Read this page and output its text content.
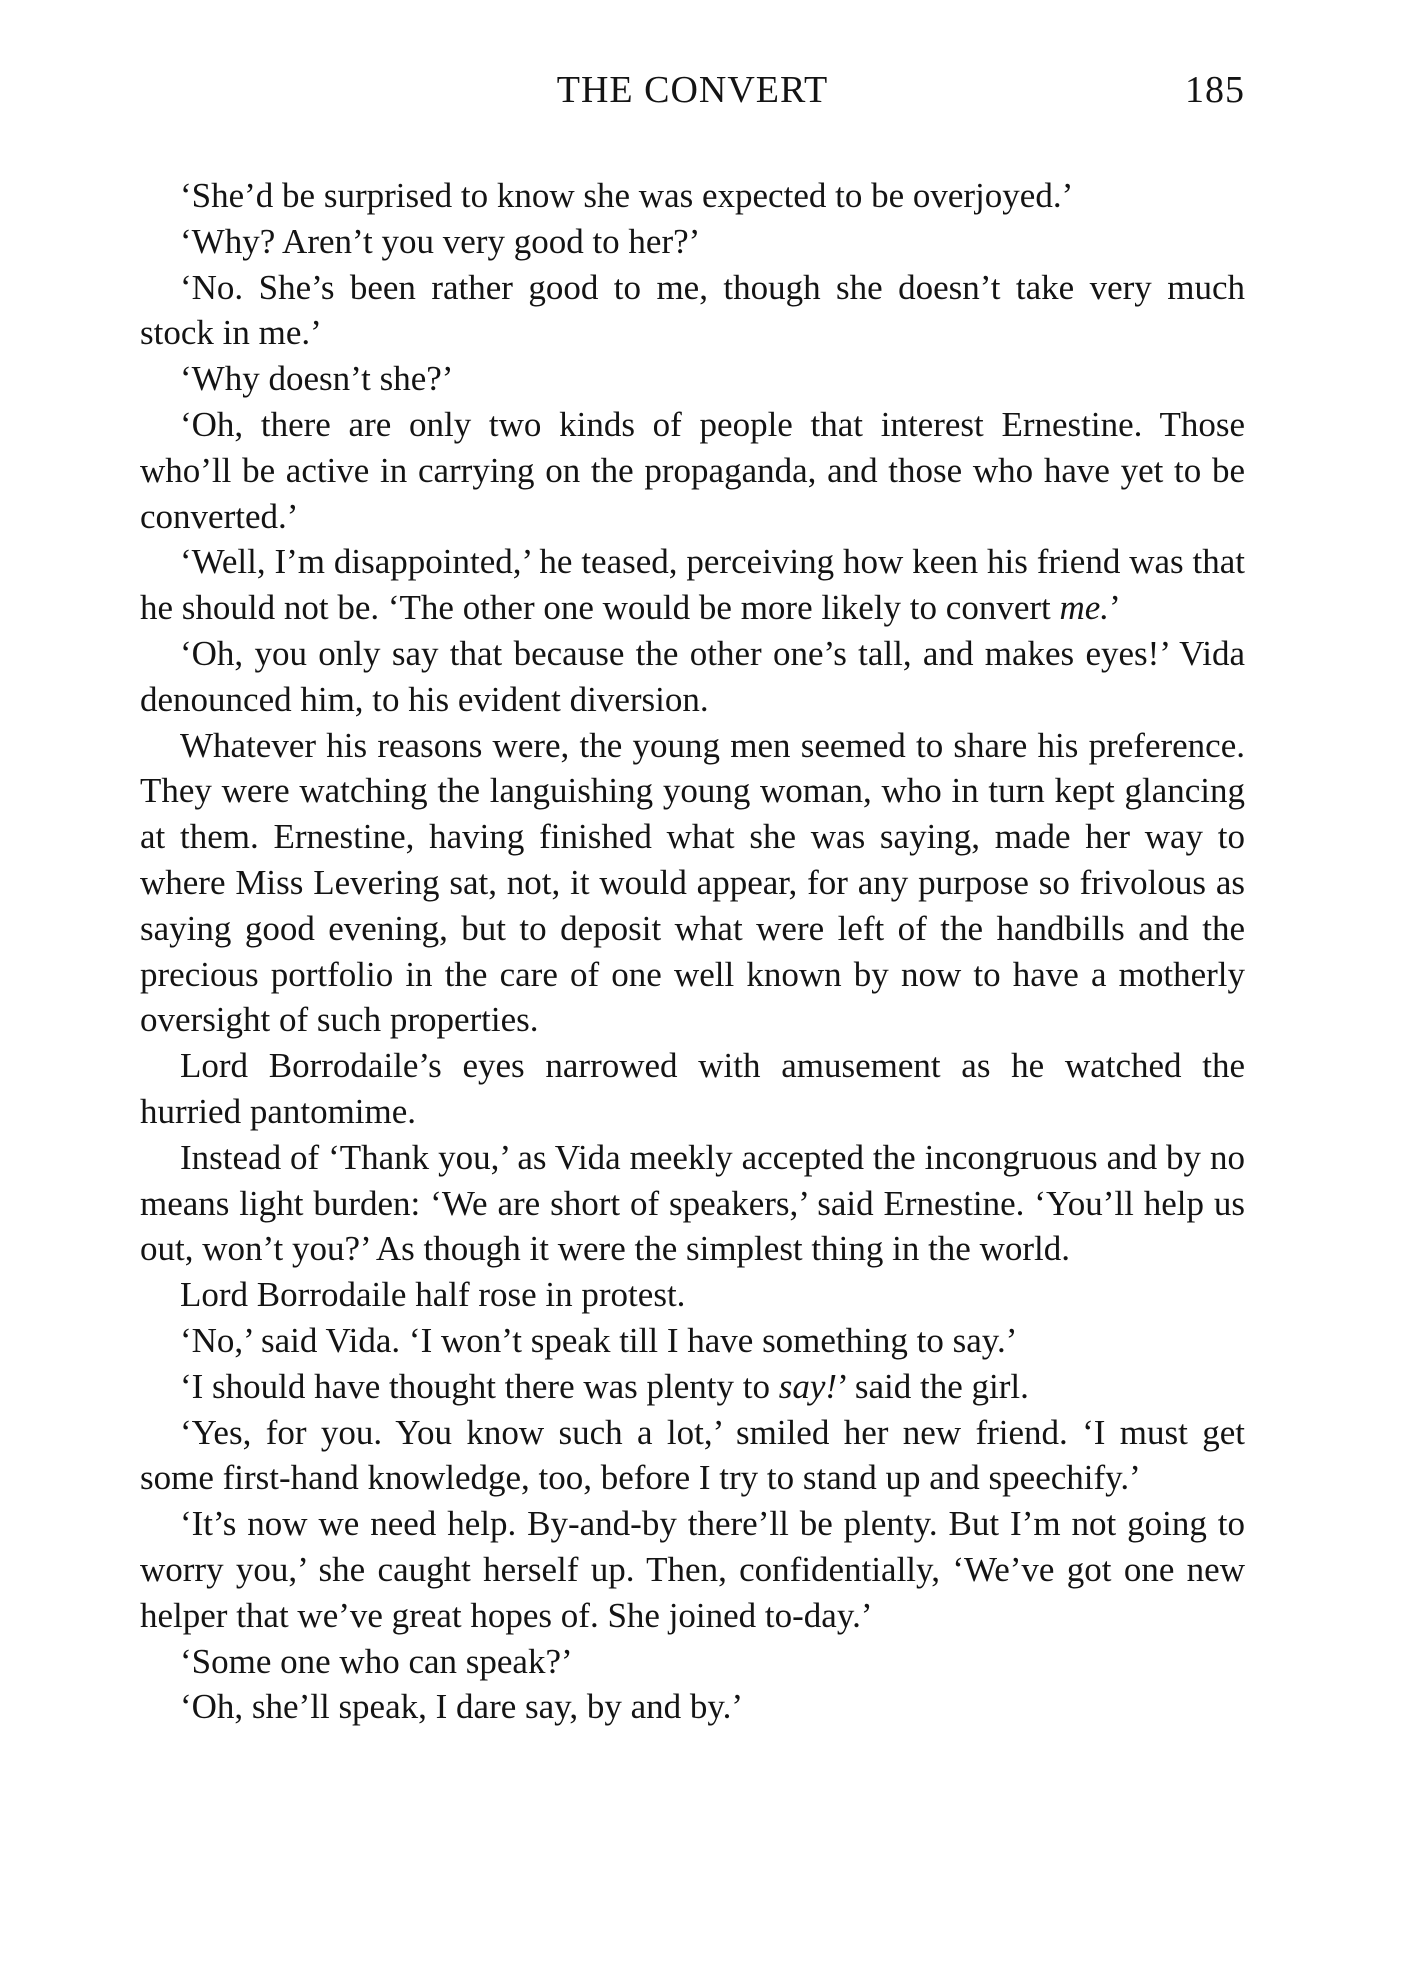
THE CONVERT	185

‘She’d be surprised to know she was expected to be overjoyed.’

‘Why? Aren’t you very good to her?’

‘No. She’s been rather good to me, though she doesn’t take very much stock in me.’

‘Why doesn’t she?’

‘Oh, there are only two kinds of people that interest Ernestine. Those who’ll be active in carrying on the propaganda, and those who have yet to be converted.’

‘Well, I’m disappointed,’ he teased, perceiving how keen his friend was that he should not be. ‘The other one would be more likely to convert me.’

‘Oh, you only say that because the other one’s tall, and makes eyes!’ Vida denounced him, to his evident diversion.

Whatever his reasons were, the young men seemed to share his preference. They were watching the languishing young woman, who in turn kept glancing at them. Ernestine, having finished what she was saying, made her way to where Miss Levering sat, not, it would appear, for any purpose so frivolous as saying good evening, but to deposit what were left of the handbills and the precious portfolio in the care of one well known by now to have a motherly oversight of such properties.

Lord Borrodaile’s eyes narrowed with amusement as he watched the hurried pantomime.

Instead of ‘Thank you,’ as Vida meekly accepted the incongruous and by no means light burden: ‘We are short of speakers,’ said Ernestine. ‘You’ll help us out, won’t you?’ As though it were the simplest thing in the world.

Lord Borrodaile half rose in protest.

‘No,’ said Vida. ‘I won’t speak till I have something to say.’

‘I should have thought there was plenty to say!’ said the girl.

‘Yes, for you. You know such a lot,’ smiled her new friend. ‘I must get some first-hand knowledge, too, before I try to stand up and speechify.’

‘It’s now we need help. By-and-by there’ll be plenty. But I’m not going to worry you,’ she caught herself up. Then, confidentially, ‘We’ve got one new helper that we’ve great hopes of. She joined to-day.’

‘Some one who can speak?’

‘Oh, she’ll speak, I dare say, by and by.’
